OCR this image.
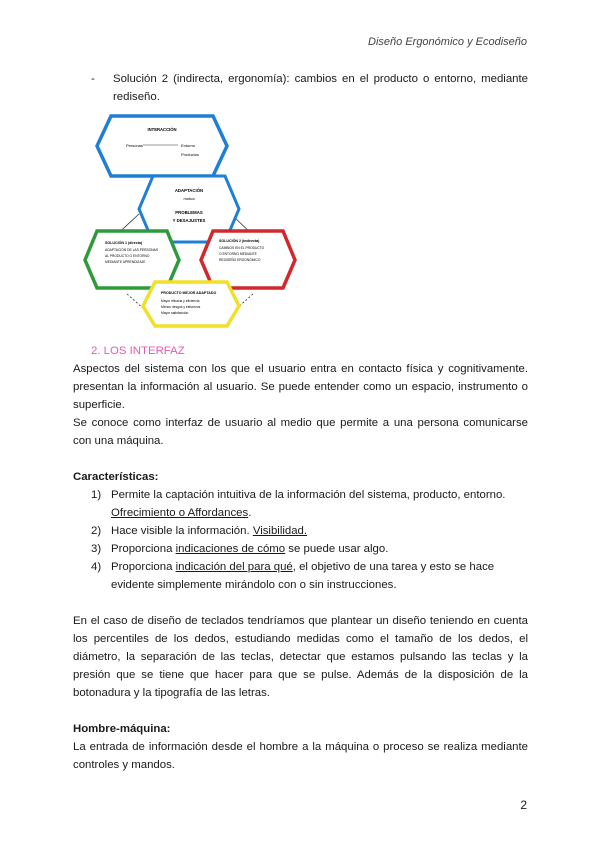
Diseño Ergonómico y Ecodiseño
-	Solución 2 (indirecta, ergonomía): cambios en el producto o entorno, mediante rediseño.
INTERACCIÓN
Personas	Entorno
Productos
ADAPTACIÓN
mutua
PROBLEMAS
Y DESAJUSTES
SOLUCIÓN 1 (directa)
ADAPTACIÓN DE LAS PERSONAS
AL PRODUCTO O ENTORNO
MEDIANTE APRENDIZAJE
SOLUCIÓN 2 (indirecta)
CAMBIOS EN EL PRODUCTO
O ENTORNO MEDIANTE
REDISEÑO ERGONÓMICO
PRODUCTO MEJOR ADAPTADO
Mayor eficacia y eficiencia
Menos riesgos y esfuerzos
Mayor satisfacción
2. LOS INTERFAZ
Aspectos del sistema con los que el usuario entra en contacto física y cognitivamente. presentan la información al usuario. Se puede entender como un espacio, instrumento o superficie.
Se conoce como interfaz de usuario al medio que permite a una persona comunicarse con una máquina.
Características:
1) Permite la captación intuitiva de la información del sistema, producto, entorno. Ofrecimiento o Affordances.
2) Hace visible la información. Visibilidad.
3) Proporciona indicaciones de cómo se puede usar algo.
4) Proporciona indicación del para qué, el objetivo de una tarea y esto se hace evidente simplemente mirándolo con o sin instrucciones.
En el caso de diseño de teclados tendríamos que plantear un diseño teniendo en cuenta los percentiles de los dedos, estudiando medidas como el tamaño de los dedos, el diámetro, la separación de las teclas, detectar que estamos pulsando las teclas y la presión que se tiene que hacer para que se pulse. Además de la disposición de la botonadura y la tipografía de las letras.
Hombre-máquina:
La entrada de información desde el hombre a la máquina o proceso se realiza mediante controles y mandos.
2
